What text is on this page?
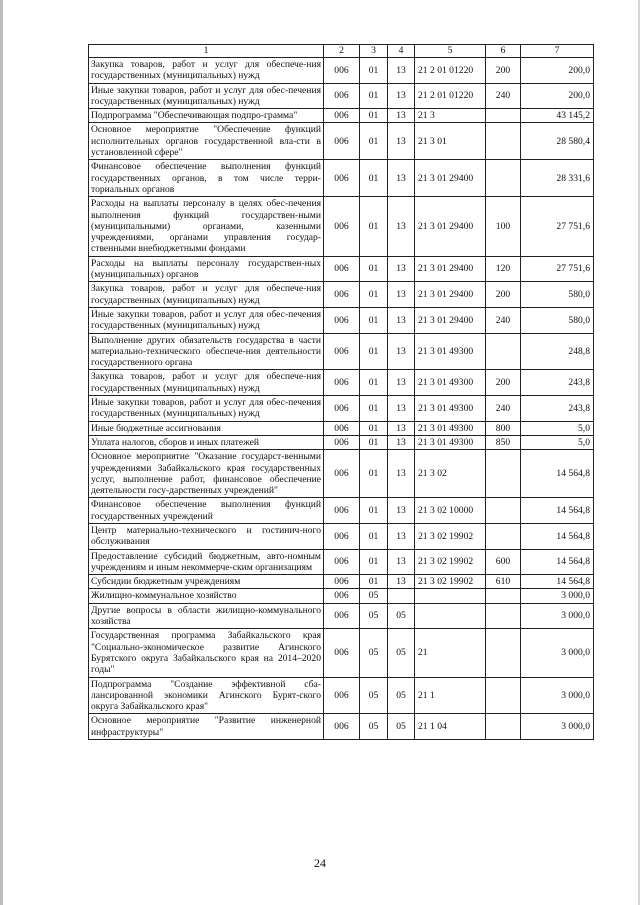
1	2	3	4	5	6	7
Закупка товаров, работ и услуг для обеспече-ния государственных (муниципальных) нужд	006	01	13	21 2 01 01220	200	200,0
Иные закупки товаров, работ и услуг для обес-печения государственных (муниципальных) нужд	006	01	13	21 2 01 01220	240	200,0
Подпрограмма "Обеспечивающая подпро-грамма"	006	01	13	21 3		43 145,2
Основное мероприятие "Обеспечение функций исполнительных органов государственной вла-сти в установленной сфере"	006	01	13	21 3 01		28 580,4
Финансовое обеспечение выполнения функций государственных органов, в том числе терри-ториальных органов	006	01	13	21 3 01 29400		28 331,6
Расходы на выплаты персоналу в целях обес-печения выполнения функций государствен-ными (муниципальными) органами, казенными учреждениями, органами управления государ-ственными внебюджетными фондами	006	01	13	21 3 01 29400	100	27 751,6
Расходы на выплаты персоналу государствен-ных (муниципальных) органов	006	01	13	21 3 01 29400	120	27 751,6
Закупка товаров, работ и услуг для обеспече-ния государственных (муниципальных) нужд	006	01	13	21 3 01 29400	200	580,0
Иные закупки товаров, работ и услуг для обес-печения государственных (муниципальных) нужд	006	01	13	21 3 01 29400	240	580,0
Выполнение других обязательств государства в части материально-технического обеспече-ния деятельности государственного органа	006	01	13	21 3 01 49300		248,8
Закупка товаров, работ и услуг для обеспече-ния государственных (муниципальных) нужд	006	01	13	21 3 01 49300	200	243,8
Иные закупки товаров, работ и услуг для обес-печения государственных (муниципальных) нужд	006	01	13	21 3 01 49300	240	243,8
Иные бюджетные ассигнования	006	01	13	21 3 01 49300	800	5,0
Уплата налогов, сборов и иных платежей	006	01	13	21 3 01 49300	850	5,0
Основное мероприятие "Оказание государст-венными учреждениями Забайкальского края государственных услуг, выполнение работ, финансовое обеспечение деятельности госу-дарственных учреждений"	006	01	13	21 3 02		14 564,8
Финансовое обеспечение выполнения функций государственных учреждений	006	01	13	21 3 02 10000		14 564,8
Центр материально-технического и гостинич-ного обслуживания	006	01	13	21 3 02 19902		14 564,8
Предоставление субсидий бюджетным, авто-номным учреждениям и иным некоммерче-ским организациям	006	01	13	21 3 02 19902	600	14 564,8
Субсидии бюджетным учреждениям	006	01	13	21 3 02 19902	610	14 564,8
Жилищно-коммунальное хозяйство	006	05				3 000,0
Другие вопросы в области жилищно-коммунального хозяйства	006	05	05			3 000,0
Государственная программа Забайкальского края "Социально-экономическое развитие Агинского Бурятского округа Забайкальского края на 2014–2020 годы"	006	05	05	21		3 000,0
Подпрограмма "Создание эффективной сба-лансированной экономики Агинского Бурят-ского округа Забайкальского края"	006	05	05	21 1		3 000,0
Основное мероприятие "Развитие инженерной инфраструктуры"	006	05	05	21 1 04		3 000,0
24
